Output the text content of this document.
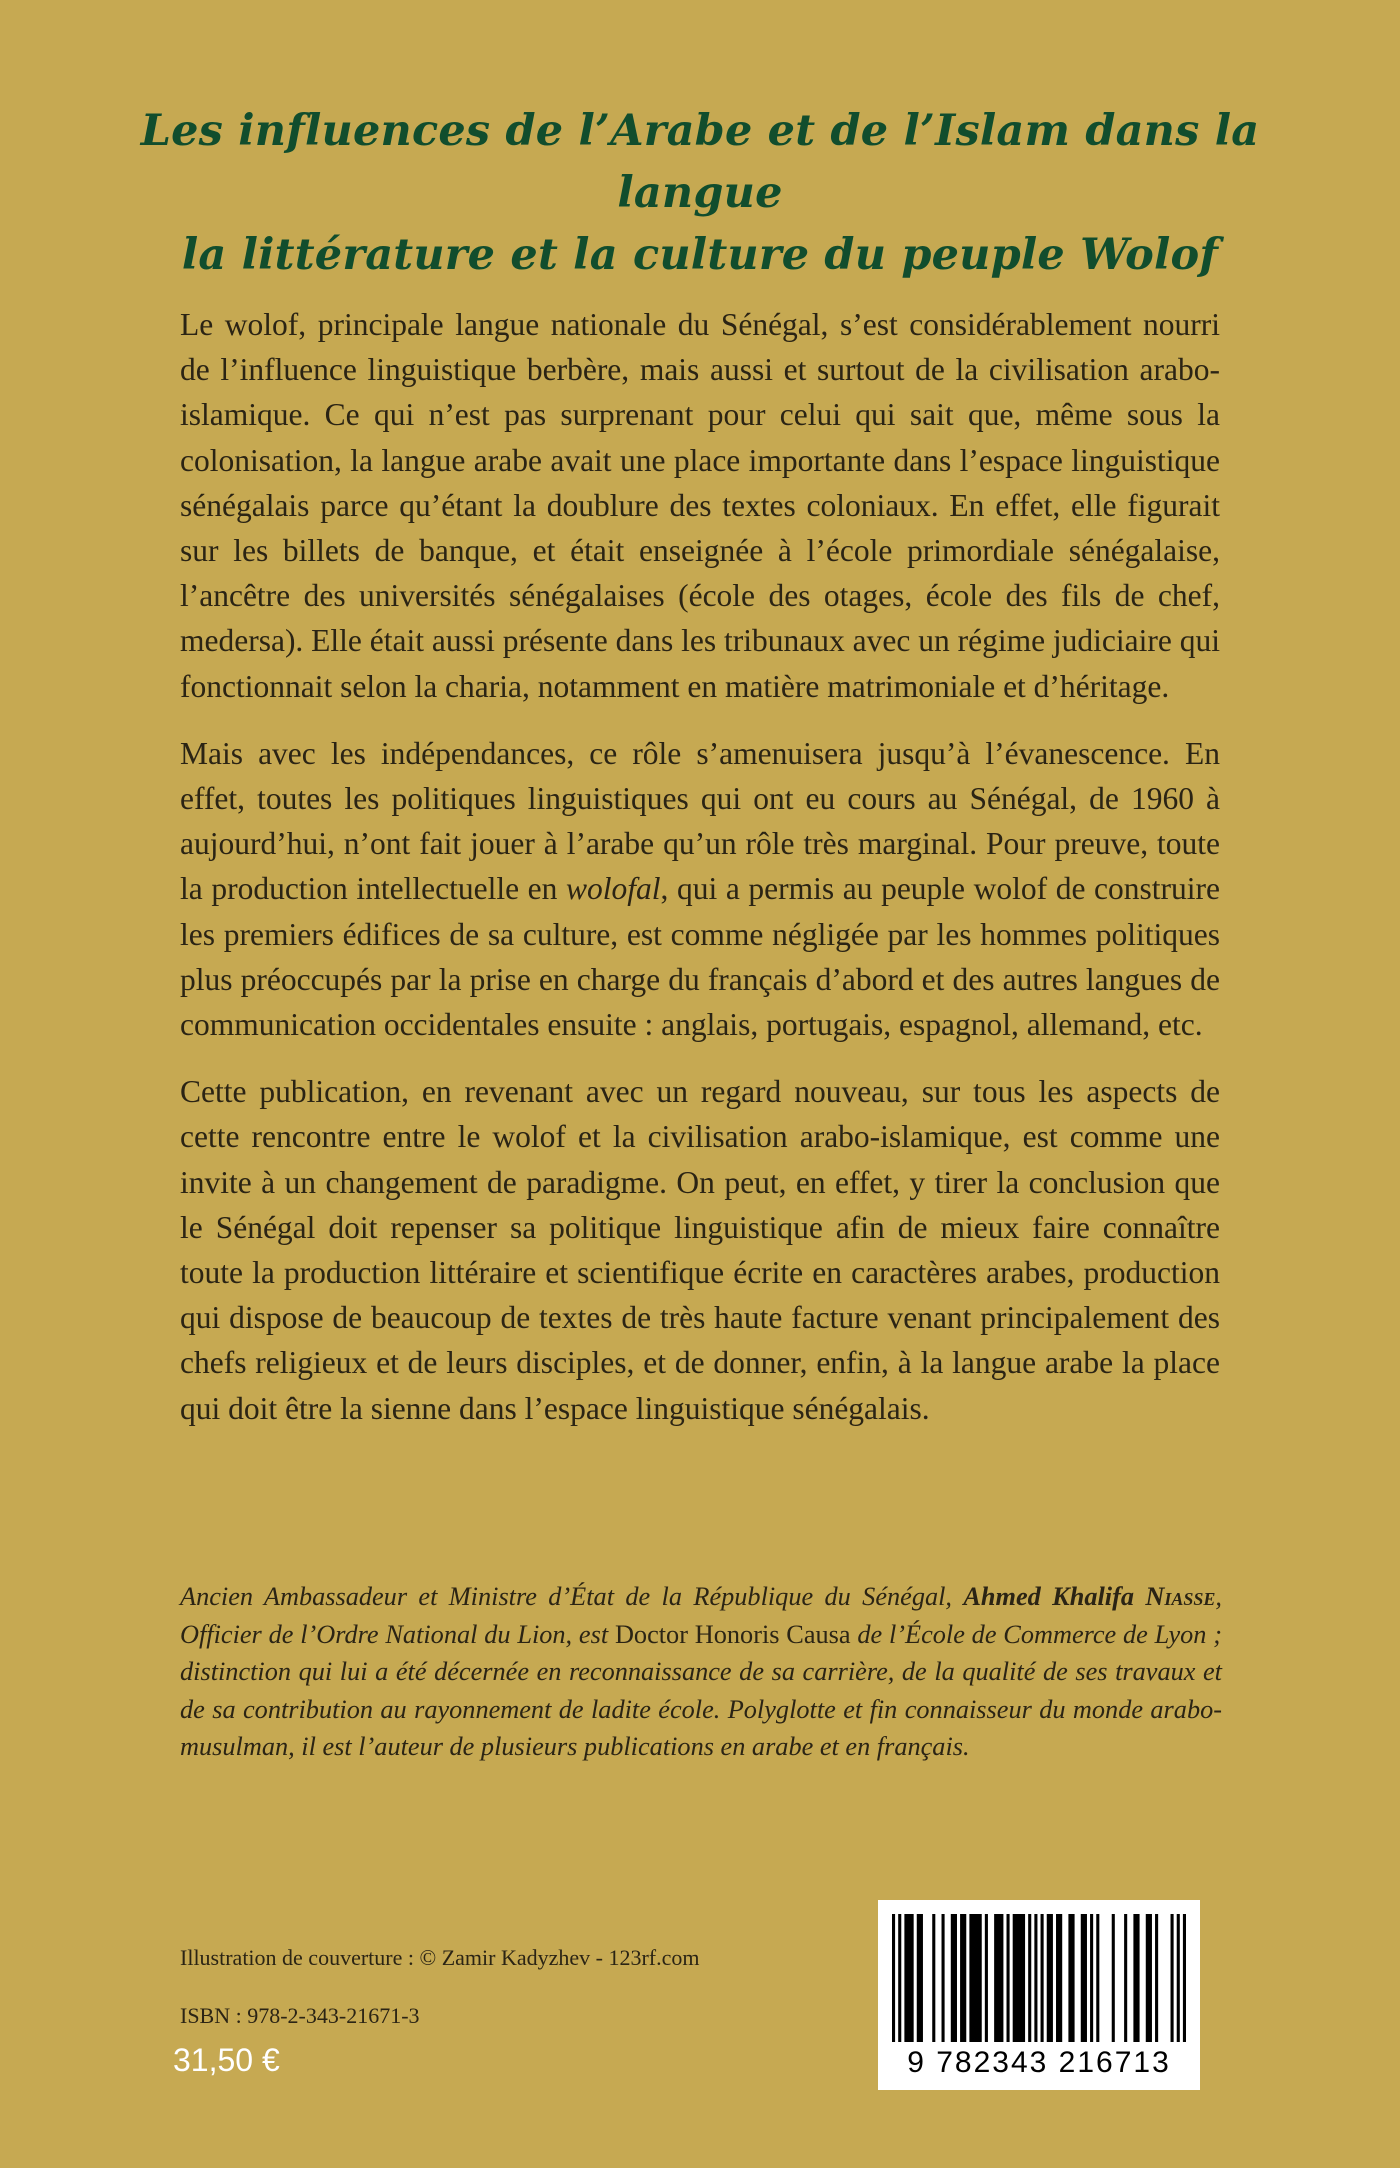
Les influences de l’Arabe et de l’Islam dans la langue
la littérature et la culture du peuple Wolof

Le wolof, principale langue nationale du Sénégal, s’est considérablement nourri de l’influence linguistique berbère, mais aussi et surtout de la civilisation arabo-islamique. Ce qui n’est pas surprenant pour celui qui sait que, même sous la colonisation, la langue arabe avait une place importante dans l’espace linguistique sénégalais parce qu’étant la doublure des textes coloniaux. En effet, elle figurait sur les billets de banque, et était enseignée à l’école primordiale sénégalaise, l’ancêtre des universités sénégalaises (école des otages, école des fils de chef, medersa). Elle était aussi présente dans les tribunaux avec un régime judiciaire qui fonctionnait selon la charia, notamment en matière matrimoniale et d’héritage.

Mais avec les indépendances, ce rôle s’amenuisera jusqu’à l’évanescence. En effet, toutes les politiques linguistiques qui ont eu cours au Sénégal, de 1960 à aujourd’hui, n’ont fait jouer à l’arabe qu’un rôle très marginal. Pour preuve, toute la production intellectuelle en wolofal, qui a permis au peuple wolof de construire les premiers édifices de sa culture, est comme négligée par les hommes politiques plus préoccupés par la prise en charge du français d’abord et des autres langues de communication occidentales ensuite : anglais, portugais, espagnol, allemand, etc.

Cette publication, en revenant avec un regard nouveau, sur tous les aspects de cette rencontre entre le wolof et la civilisation arabo-islamique, est comme une invite à un changement de paradigme. On peut, en effet, y tirer la conclusion que le Sénégal doit repenser sa politique linguistique afin de mieux faire connaître toute la production littéraire et scientifique écrite en caractères arabes, production qui dispose de beaucoup de textes de très haute facture venant principalement des chefs religieux et de leurs disciples, et de donner, enfin, à la langue arabe la place qui doit être la sienne dans l’espace linguistique sénégalais.

Ancien Ambassadeur et Ministre d’État de la République du Sénégal, Ahmed Khalifa Niasse, Officier de l’Ordre National du Lion, est Doctor Honoris Causa de l’École de Commerce de Lyon ; distinction qui lui a été décernée en reconnaissance de sa carrière, de la qualité de ses travaux et de sa contribution au rayonnement de ladite école. Polyglotte et fin connaisseur du monde arabo-musulman, il est l’auteur de plusieurs publications en arabe et en français.

Illustration de couverture : © Zamir Kadyzhev - 123rf.com
ISBN : 978-2-343-21671-3
31,50 €	9 782343 216713
